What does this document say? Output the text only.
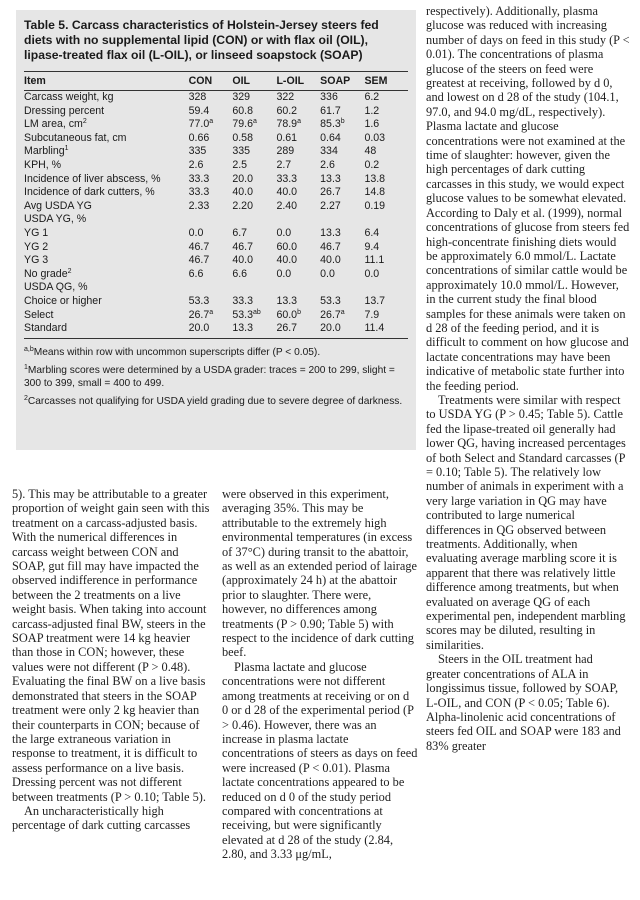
Table 5. Carcass characteristics of Holstein-Jersey steers fed diets with no supplemental lipid (CON) or with flax oil (OIL), lipase-treated flax oil (L-OIL), or linseed soapstock (SOAP)
Item	CON	OIL	L-OIL	SOAP	SEM
Carcass weight, kg	328	329	322	336	6.2
Dressing percent	59.4	60.8	60.2	61.7	1.2
LM area, $cm^2$	77.0$^a$	79.6$^a$	78.9$^a$	85.3$^b$	1.6
Subcutaneous fat, cm	0.66	0.58	0.61	0.64	0.03
Marbling$^1$	335	335	289	334	48
KPH, %	2.6	2.5	2.7	2.6	0.2
Incidence of liver abscess, %	33.3	20.0	33.3	13.3	13.8
Incidence of dark cutters, %	33.3	40.0	40.0	26.7	14.8
Avg USDA YG	2.33	2.20	2.40	2.27	0.19
USDA YG, %					
YG 1	0.0	6.7	0.0	13.3	6.4
YG 2	46.7	46.7	60.0	46.7	9.4
YG 3	46.7	40.0	40.0	40.0	11.1
No grade$^2$	6.6	6.6	0.0	0.0	0.0
USDA QG, %					
Choice or higher	53.3	33.3	13.3	53.3	13.7
Select	26.7$^a$	53.3$^{ab}$	60.0$^b$	26.7$^a$	7.9
Standard	20.0	13.3	26.7	20.0	11.4

$^{a,b}$Means within row with uncommon superscripts differ (P < 0.05).

$^1$Marbling scores were determined by a USDA grader: traces = 200 to 299, slight = 300 to 399, small = 400 to 499.

$^2$Carcasses not qualifying for USDA yield grading due to severe degree of darkness.

respectively). Additionally, plasma glucose was reduced with increasing number of days on feed in this study (P < 0.01). The concentrations of plasma glucose of the steers on feed were greatest at receiving, followed by d 0, and lowest on d 28 of the study (104.1, 97.0, and 94.0 mg/dL, respectively). Plasma lactate and glucose concentrations were not examined at the time of slaughter: however, given the high percentages of dark cutting carcasses in this study, we would expect glucose values to be somewhat elevated. According to Daly et al. (1999), normal concentrations of glucose from steers fed high-concentrate finishing diets would be approximately 6.0 mmol/L. Lactate concentrations of similar cattle would be approximately 10.0 mmol/L. However, in the current study the final blood samples for these animals were taken on d 28 of the feeding period, and it is difficult to comment on how glucose and lactate concentrations may have been indicative of metabolic state further into the feeding period.

Treatments were similar with respect to USDA YG (P > 0.45; Table 5). Cattle fed the lipase-treated oil generally had lower QG, having increased percentages of both Select and Standard carcasses (P = 0.10; Table 5). The relatively low number of animals in experiment with a very large variation in QG may have contributed to large numerical differences in QG observed between treatments. Additionally, when evaluating average marbling score it is apparent that there was relatively little difference among treatments, but when evaluated on average QG of each experimental pen, independent marbling scores may be diluted, resulting in similarities.

Steers in the OIL treatment had greater concentrations of ALA in longissimus tissue, followed by SOAP, L-OIL, and CON (P < 0.05; Table 6). Alpha-linolenic acid concentrations of steers fed OIL and SOAP were 183 and 83% greater

5). This may be attributable to a greater proportion of weight gain seen with this treatment on a carcass-adjusted basis. With the numerical differences in carcass weight between CON and SOAP, gut fill may have impacted the observed indifference in performance between the 2 treatments on a live weight basis. When taking into account carcass-adjusted final BW, steers in the SOAP treatment were 14 kg heavier than those in CON; however, these values were not different (P > 0.48). Evaluating the final BW on a live basis demonstrated that steers in the SOAP treatment were only 2 kg heavier than their counterparts in CON; because of the large extraneous variation in response to treatment, it is difficult to assess performance on a live basis. Dressing percent was not different between treatments (P > 0.10; Table 5).

An uncharacteristically high percentage of dark cutting carcasses

were observed in this experiment, averaging 35%. This may be attributable to the extremely high environmental temperatures (in excess of 37°C) during transit to the abattoir, as well as an extended period of lairage (approximately 24 h) at the abattoir prior to slaughter. There were, however, no differences among treatments (P > 0.90; Table 5) with respect to the incidence of dark cutting beef.

Plasma lactate and glucose concentrations were not different among treatments at receiving or on d 0 or d 28 of the experimental period (P > 0.46). However, there was an increase in plasma lactate concentrations of steers as days on feed were increased (P < 0.01). Plasma lactate concentrations appeared to be reduced on d 0 of the study period compared with concentrations at receiving, but were significantly elevated at d 28 of the study (2.84, 2.80, and 3.33 μg/mL,
